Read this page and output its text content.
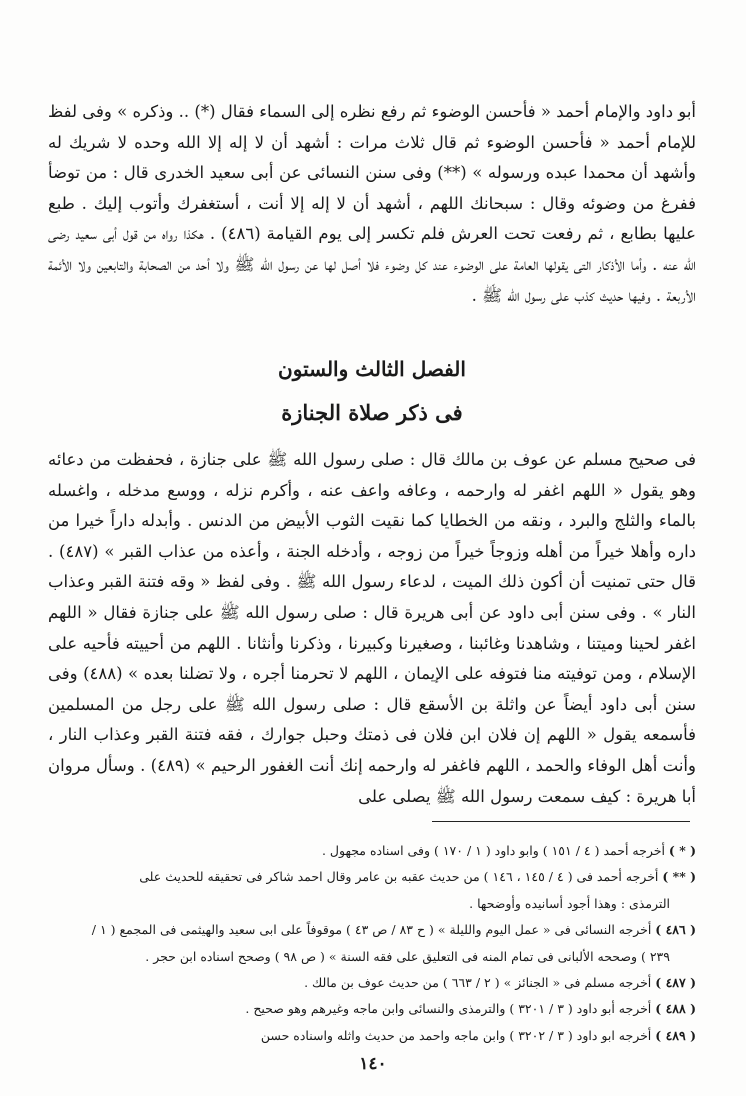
أبو داود والإمام أحمد « فأحسن الوضوء ثم رفع نظره إلى السماء فقال (*) .. وذكره » وفى لفظ للإمام أحمد « فأحسن الوضوء ثم قال ثلاث مرات : أشهد أن لا إله إلا الله وحده لا شريك له وأشهد أن محمدا عبده ورسوله » (**) وفى سنن النسائى عن أبى سعيد الخدرى قال : من توضأ ففرغ من وضوئه وقال : سبحانك اللهم ، أشهد أن لا إله إلا أنت ، أستغفرك وأتوب إليك . طبع عليها بطابع ، ثم رفعت تحت العرش فلم تكسر إلى يوم القيامة (٤٨٦) . هكذا رواه من قول أبى سعيد رضى الله عنه . وأما الأذكار التى يقولها العامة على الوضوء عند كل وضوء فلا أصل لها عن رسول الله ﷺ ولا أحد من الصحابة والتابعين ولا الأئمة الأربعة . وفيها حديث كذب على رسول الله ﷺ .

الفصل الثالث والستون
فى ذكر صلاة الجنازة

فى صحيح مسلم عن عوف بن مالك قال : صلى رسول الله ﷺ على جنازة ، فحفظت من دعائه وهو يقول « اللهم اغفر له وارحمه ، وعافه واعف عنه ، وأكرم نزله ، ووسع مدخله ، واغسله بالماء والثلج والبرد ، ونقه من الخطايا كما نقيت الثوب الأبيض من الدنس . وأبدله داراً خيرا من داره وأهلا خيراً من أهله وزوجاً خيراً من زوجه ، وأدخله الجنة ، وأعذه من عذاب القبر » (٤٨٧) . قال حتى تمنيت أن أكون ذلك الميت ، لدعاء رسول الله ﷺ . وفى لفظ « وقه فتنة القبر وعذاب النار » . وفى سنن أبى داود عن أبى هريرة قال : صلى رسول الله ﷺ على جنازة فقال « اللهم اغفر لحينا وميتنا ، وشاهدنا وغائبنا ، وصغيرنا وكبيرنا ، وذكرنا وأنثانا . اللهم من أحييته فأحيه على الإسلام ، ومن توفيته منا فتوفه على الإيمان ، اللهم لا تحرمنا أجره ، ولا تضلنا بعده » (٤٨٨) وفى سنن أبى داود أيضاً عن واثلة بن الأسقع قال : صلى رسول الله ﷺ على رجل من المسلمين فأسمعه يقول « اللهم إن فلان ابن فلان فى ذمتك وحبل جوارك ، فقه فتنة القبر وعذاب النار ، وأنت أهل الوفاء والحمد ، اللهم فاغفر له وارحمه إنك أنت الغفور الرحيم » (٤٨٩) . وسأل مروان أبا هريرة : كيف سمعت رسول الله ﷺ يصلى على

( * ) أخرجه أحمد ( ٤ / ١٥١ ) وابو داود ( ١ / ١٧٠ ) وفى اسناده مجهول .

( ** ) أخرجه أحمد فى ( ٤ / ١٤٥ ، ١٤٦ ) من حديث عقبه بن عامر وقال احمد شاكر فى تحقيقه للحديث على

الترمذى : وهذا أجود أسانيده وأوضحها .

( ٤٨٦ ) أخرجه النسائى فى « عمل اليوم والليلة » ( ح ٨٣ / ص ٤٣ ) موقوفاً على ابى سعيد والهيثمى فى المجمع ( ١ /

٢٣٩ ) وصححه الألبانى فى تمام المنه فى التعليق على فقه السنة » ( ص ٩٨ ) وصحح اسناده ابن حجر .

( ٤٨٧ ) أخرجه مسلم فى « الجنائز » ( ٢ / ٦٦٣ ) من حديث عوف بن مالك .

( ٤٨٨ ) أخرجه أبو داود ( ٣ / ٣٢٠١ ) والترمذى والنسائى وابن ماجه وغيرهم وهو صحيح .

( ٤٨٩ ) أخرجه ابو داود ( ٣ / ٣٢٠٢ ) وابن ماجه واحمد من حديث واثله واسناده حسن

١٤٠
